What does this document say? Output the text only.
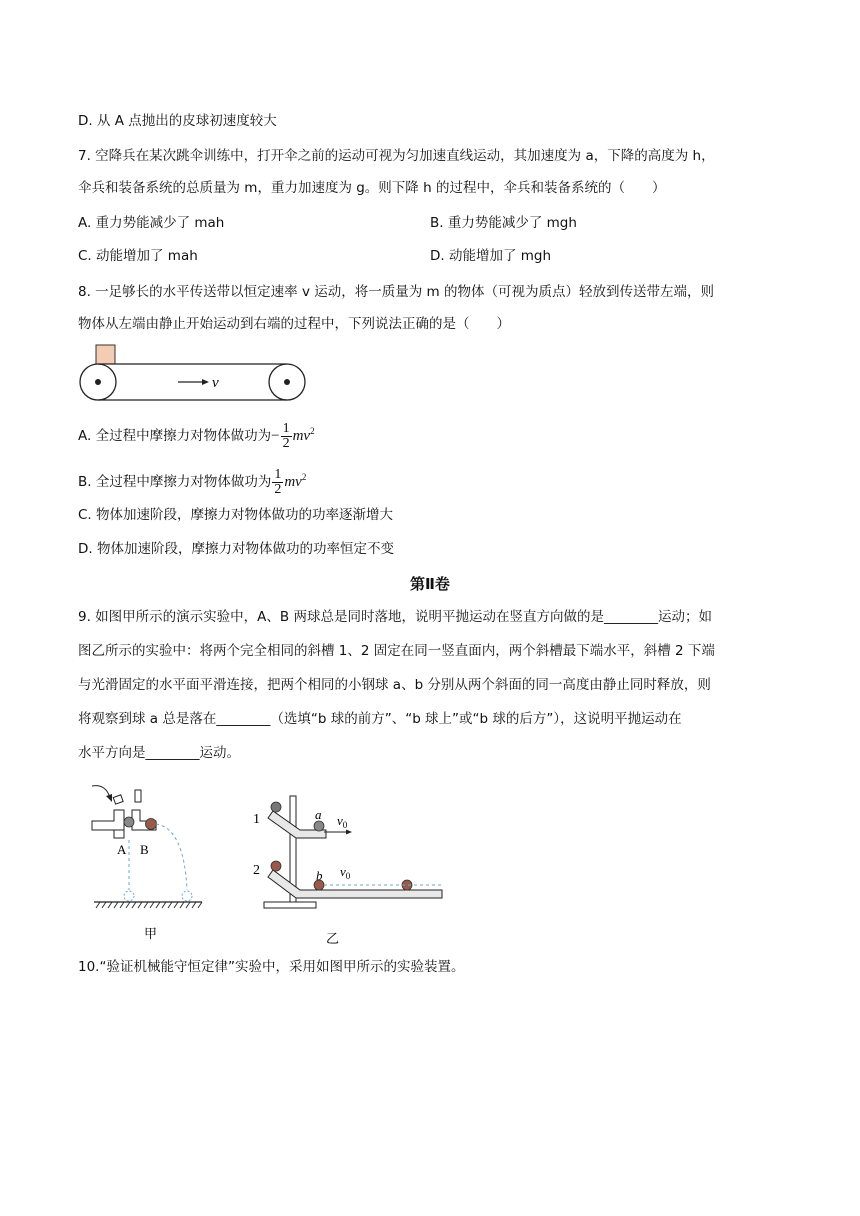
D. 从 A 点抛出的皮球初速度较大
7. 空降兵在某次跳伞训练中，打开伞之前的运动可视为匀加速直线运动，其加速度为 a，下降的高度为 h，
伞兵和装备系统的总质量为 m，重力加速度为 g。则下降 h 的过程中，伞兵和装备系统的（　　）
A. 重力势能减少了 mah	B. 重力势能减少了 mgh
C. 动能增加了 mah	D. 动能增加了 mgh
8. 一足够长的水平传送带以恒定速率 v 运动，将一质量为 m 的物体（可视为质点）轻放到传送带左端，则
物体从左端由静止开始运动到右端的过程中，下列说法正确的是（　　）
v
A. 全过程中摩擦力对物体做功为− $\frac{1}{2} mv^2$
B. 全过程中摩擦力对物体做功为 $\frac{1}{2} mv^2$
C. 物体加速阶段，摩擦力对物体做功的功率逐渐增大
D. 物体加速阶段，摩擦力对物体做功的功率恒定不变
第Ⅱ卷
9. 如图甲所示的演示实验中，A、B 两球总是同时落地，说明平抛运动在竖直方向做的是________运动；如
图乙所示的实验中：将两个完全相同的斜槽 1、2 固定在同一竖直面内，两个斜槽最下端水平，斜槽 2 下端
与光滑固定的水平面平滑连接，把两个相同的小钢球 a、b 分别从两个斜面的同一高度由静止同时释放，则
将观察到球 a 总是落在________（选填“b 球的前方”、“b 球上”或“b 球的后方”），这说明平抛运动在
水平方向是________运动。
A B
甲
1	a $v_0$
2	b $v_0$
乙
10.“验证机械能守恒定律”实验中，采用如图甲所示的实验装置。
